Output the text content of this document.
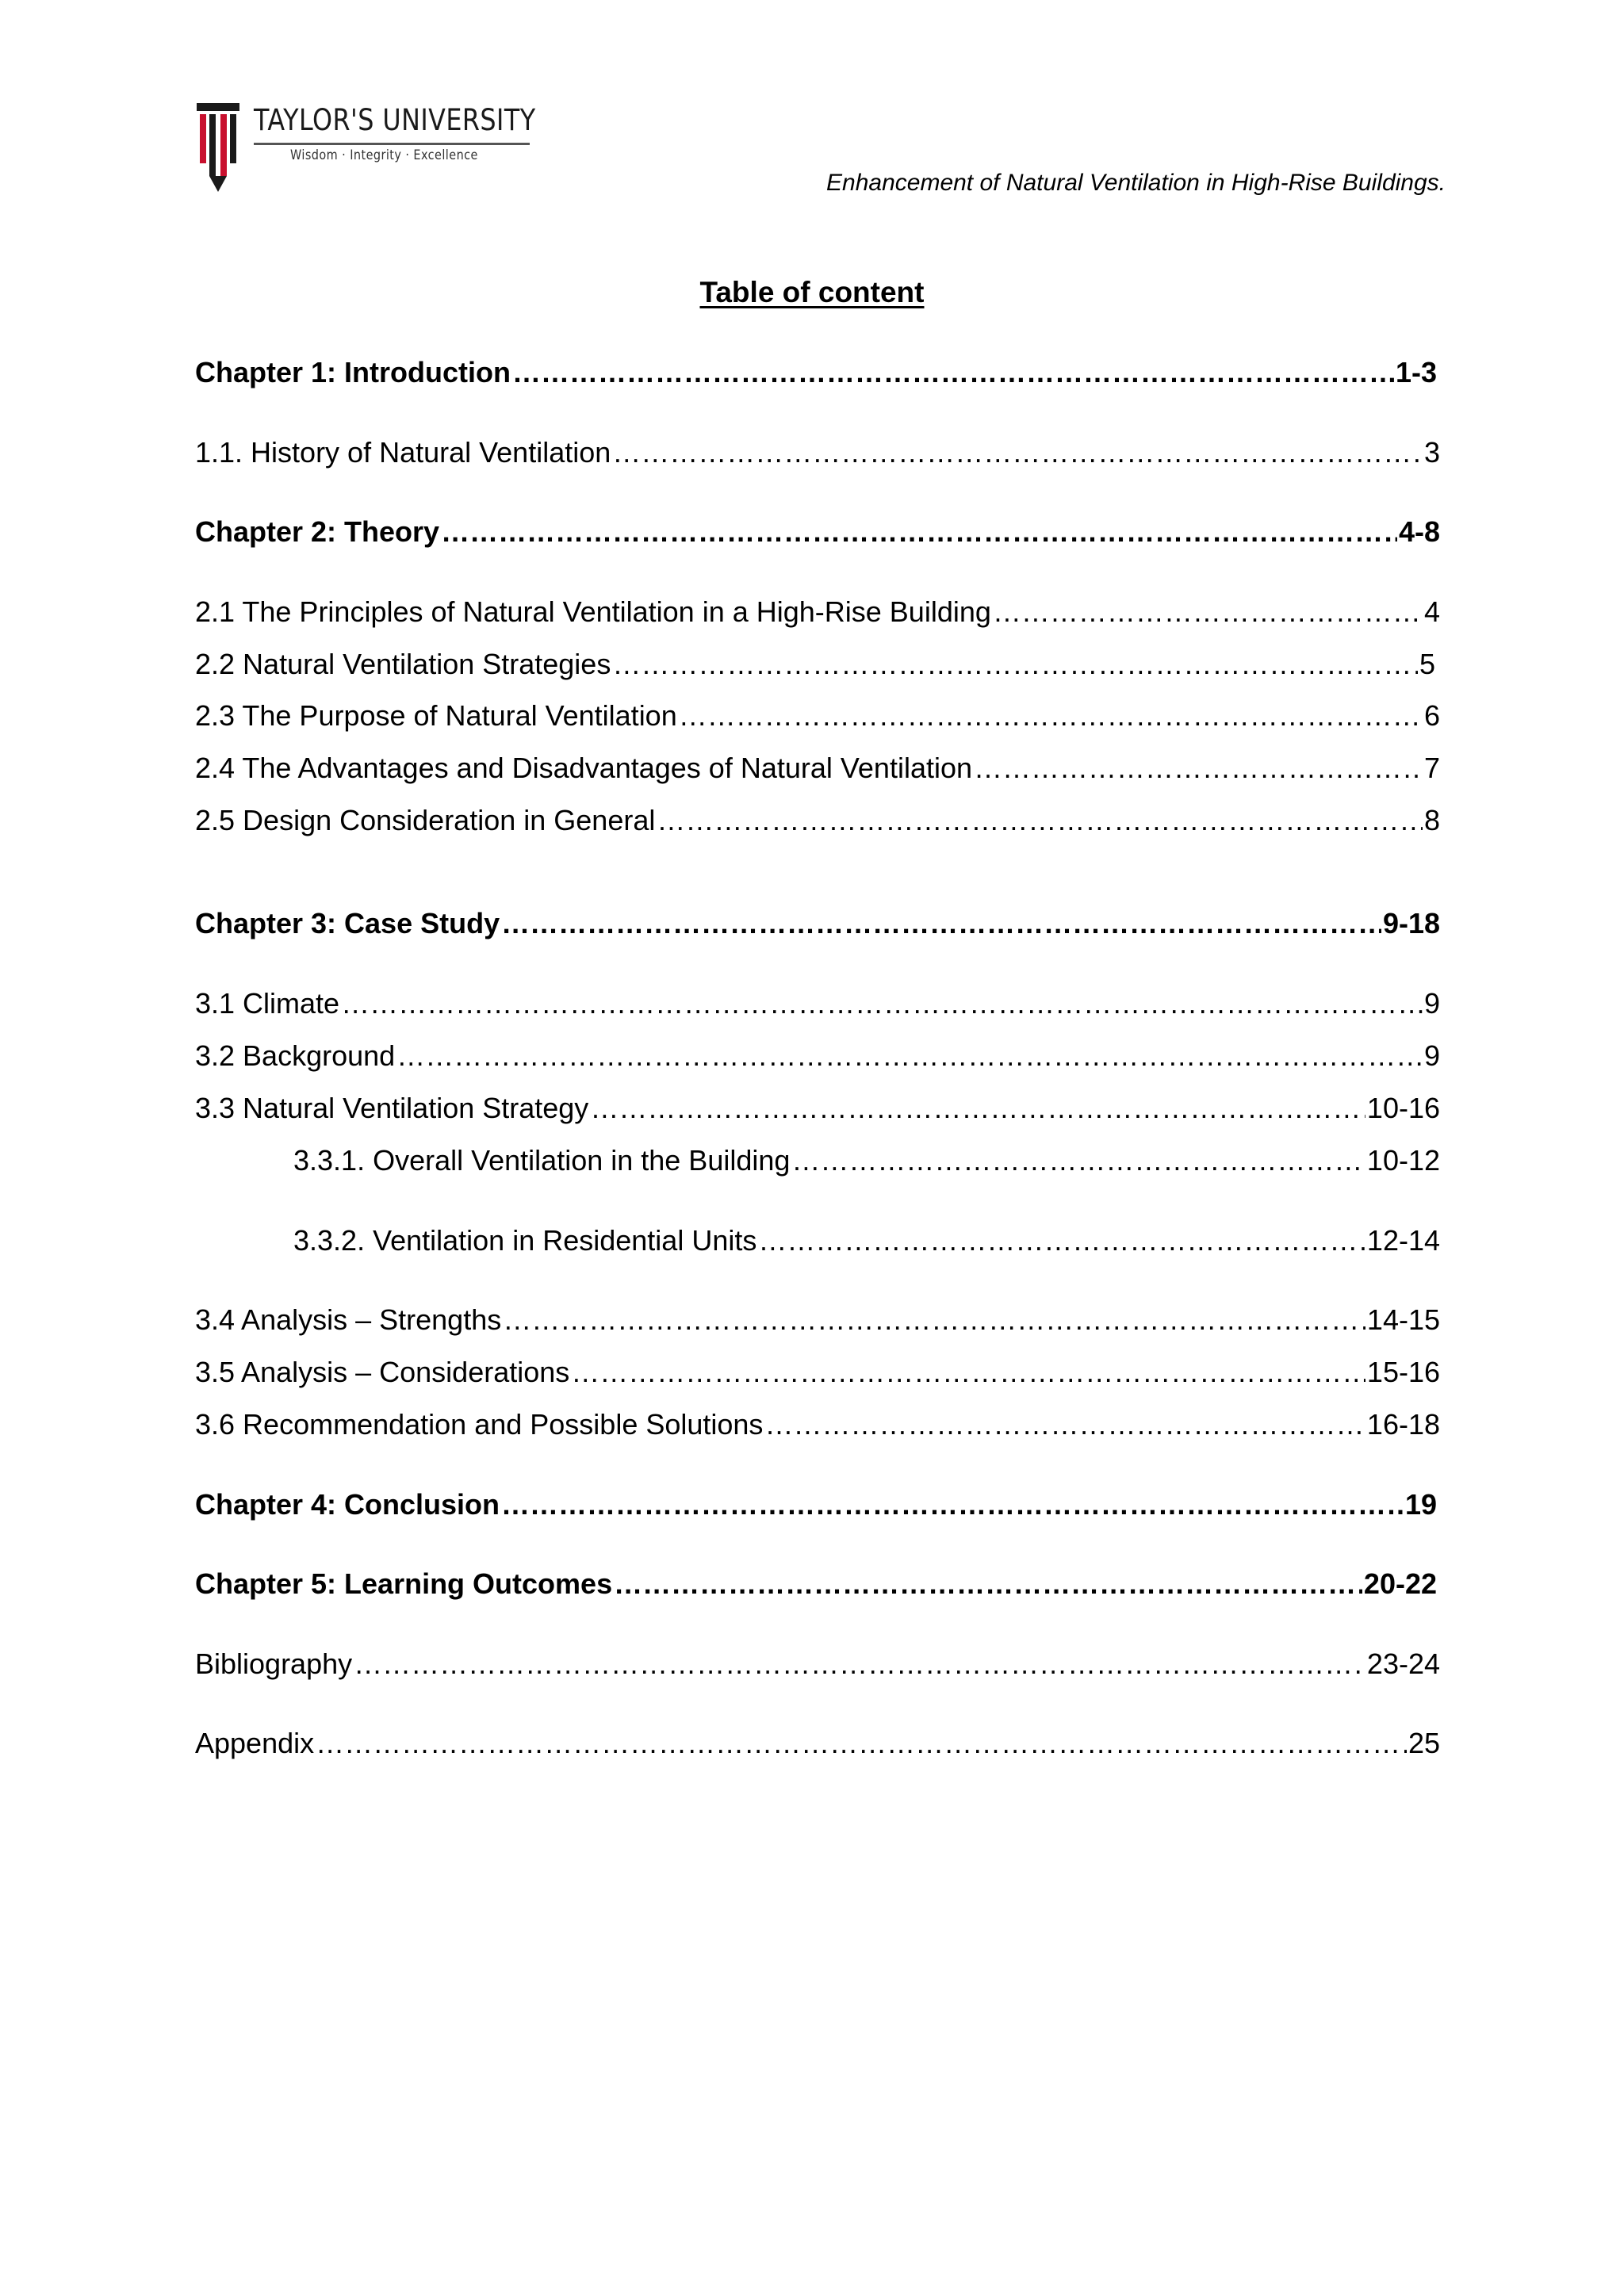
TAYLOR'S UNIVERSITY
Wisdom · Integrity · Excellence
Enhancement of Natural Ventilation in High-Rise Buildings.
Table of content
Chapter 1: Introduction ……………………………………………………………………………………………………………………………………………………………………………………………………………………………………………………	1-3
1.1. History of Natural Ventilation ……………………………………………………………………………………………………………………………………………………………………………………………………………………………………………………	3
Chapter 2: Theory ……………………………………………………………………………………………………………………………………………………………………………………………………………………………………………………	4-8
2.1 The Principles of Natural Ventilation in a High-Rise Building ……………………………………………………………………………………………………………………………………………………………………………………………………………………………………………………	4
2.2 Natural Ventilation Strategies ……………………………………………………………………………………………………………………………………………………………………………………………………………………………………………………	5
2.3 The Purpose of Natural Ventilation ……………………………………………………………………………………………………………………………………………………………………………………………………………………………………………………	6
2.4 The Advantages and Disadvantages of Natural Ventilation ……………………………………………………………………………………………………………………………………………………………………………………………………………………………………………………	7
2.5 Design Consideration in General ……………………………………………………………………………………………………………………………………………………………………………………………………………………………………………………	8
Chapter 3: Case Study ……………………………………………………………………………………………………………………………………………………………………………………………………………………………………………………	9-18
3.1 Climate ……………………………………………………………………………………………………………………………………………………………………………………………………………………………………………………	9
3.2 Background ……………………………………………………………………………………………………………………………………………………………………………………………………………………………………………………	9
3.3 Natural Ventilation Strategy ……………………………………………………………………………………………………………………………………………………………………………………………………………………………………………………	10-16
3.3.1. Overall Ventilation in the Building ……………………………………………………………………………………………………………………………………………………………………………………………………………………………………………………	10-12
3.3.2. Ventilation in Residential Units ……………………………………………………………………………………………………………………………………………………………………………………………………………………………………………………	12-14
3.4 Analysis – Strengths ……………………………………………………………………………………………………………………………………………………………………………………………………………………………………………………	14-15
3.5 Analysis – Considerations ……………………………………………………………………………………………………………………………………………………………………………………………………………………………………………………	15-16
3.6 Recommendation and Possible Solutions ……………………………………………………………………………………………………………………………………………………………………………………………………………………………………………………	16-18
Chapter 4: Conclusion ……………………………………………………………………………………………………………………………………………………………………………………………………………………………………………………	19
Chapter 5: Learning Outcomes ……………………………………………………………………………………………………………………………………………………………………………………………………………………………………………………	20-22
Bibliography ……………………………………………………………………………………………………………………………………………………………………………………………………………………………………………………	23-24
Appendix ……………………………………………………………………………………………………………………………………………………………………………………………………………………………………………………	25
